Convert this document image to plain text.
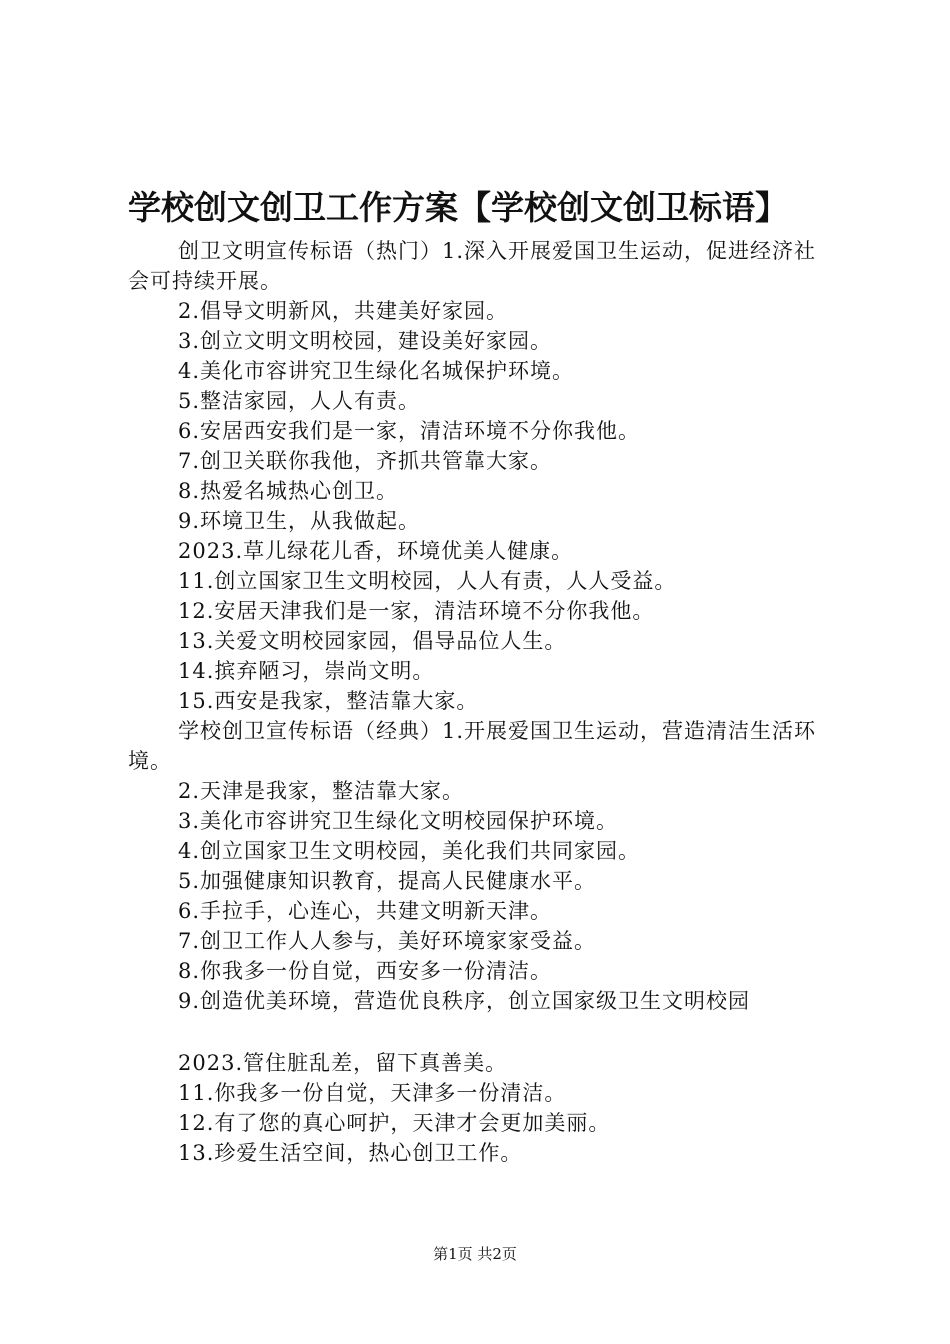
学校创文创卫工作方案【学校创文创卫标语】

创卫文明宣传标语（热门）1.深入开展爱国卫生运动，促进经济社会可持续开展。

2.倡导文明新风，共建美好家园。

3.创立文明文明校园，建设美好家园。

4.美化市容讲究卫生绿化名城保护环境。

5.整洁家园，人人有责。

6.安居西安我们是一家，清洁环境不分你我他。

7.创卫关联你我他，齐抓共管靠大家。

8.热爱名城热心创卫。

9.环境卫生，从我做起。

2023.草儿绿花儿香，环境优美人健康。

11.创立国家卫生文明校园，人人有责，人人受益。

12.安居天津我们是一家，清洁环境不分你我他。

13.关爱文明校园家园，倡导品位人生。

14.摈弃陋习，崇尚文明。

15.西安是我家，整洁靠大家。

学校创卫宣传标语（经典）1.开展爱国卫生运动，营造清洁生活环境。

2.天津是我家，整洁靠大家。

3.美化市容讲究卫生绿化文明校园保护环境。

4.创立国家卫生文明校园，美化我们共同家园。

5.加强健康知识教育，提高人民健康水平。

6.手拉手，心连心，共建文明新天津。

7.创卫工作人人参与，美好环境家家受益。

8.你我多一份自觉，西安多一份清洁。

9.创造优美环境，营造优良秩序，创立国家级卫生文明校园

2023.管住脏乱差，留下真善美。

11.你我多一份自觉，天津多一份清洁。

12.有了您的真心呵护，天津才会更加美丽。

13.珍爱生活空间，热心创卫工作。

第1页 共2页
